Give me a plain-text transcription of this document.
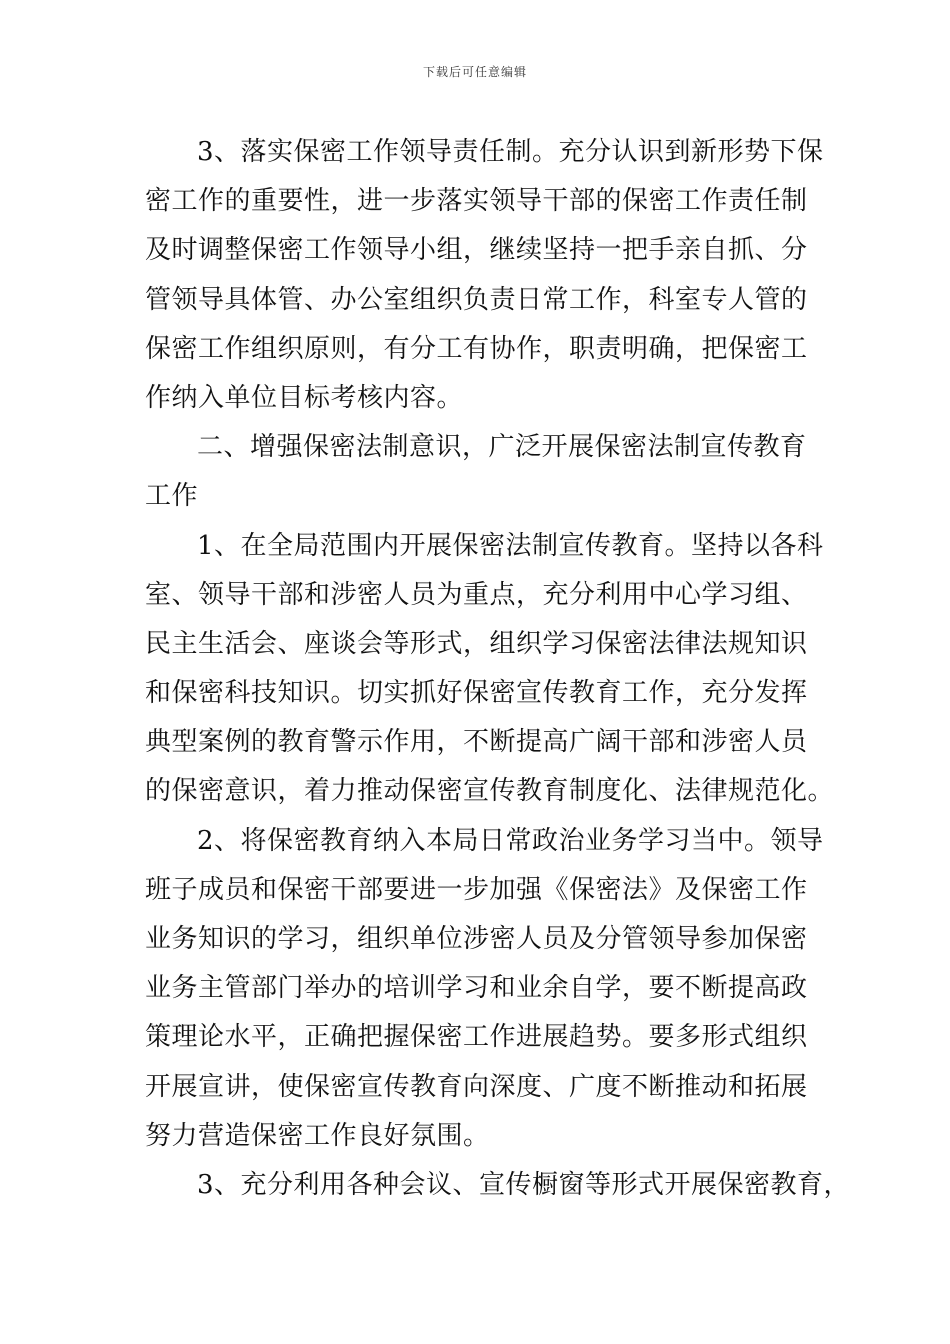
下载后可任意编辑
3、落实保密工作领导责任制。充分认识到新形势下保
密工作的重要性，进一步落实领导干部的保密工作责任制
及时调整保密工作领导小组，继续坚持一把手亲自抓、分
管领导具体管、办公室组织负责日常工作，科室专人管的
保密工作组织原则，有分工有协作，职责明确，把保密工
作纳入单位目标考核内容。
二、增强保密法制意识，广泛开展保密法制宣传教育
工作
1、在全局范围内开展保密法制宣传教育。坚持以各科
室、领导干部和涉密人员为重点，充分利用中心学习组、
民主生活会、座谈会等形式，组织学习保密法律法规知识
和保密科技知识。切实抓好保密宣传教育工作，充分发挥
典型案例的教育警示作用，不断提高广阔干部和涉密人员
的保密意识，着力推动保密宣传教育制度化、法律规范化。
2、将保密教育纳入本局日常政治业务学习当中。领导
班子成员和保密干部要进一步加强《保密法》及保密工作
业务知识的学习，组织单位涉密人员及分管领导参加保密
业务主管部门举办的培训学习和业余自学，要不断提高政
策理论水平，正确把握保密工作进展趋势。要多形式组织
开展宣讲，使保密宣传教育向深度、广度不断推动和拓展
努力营造保密工作良好氛围。
3、充分利用各种会议、宣传橱窗等形式开展保密教育，
